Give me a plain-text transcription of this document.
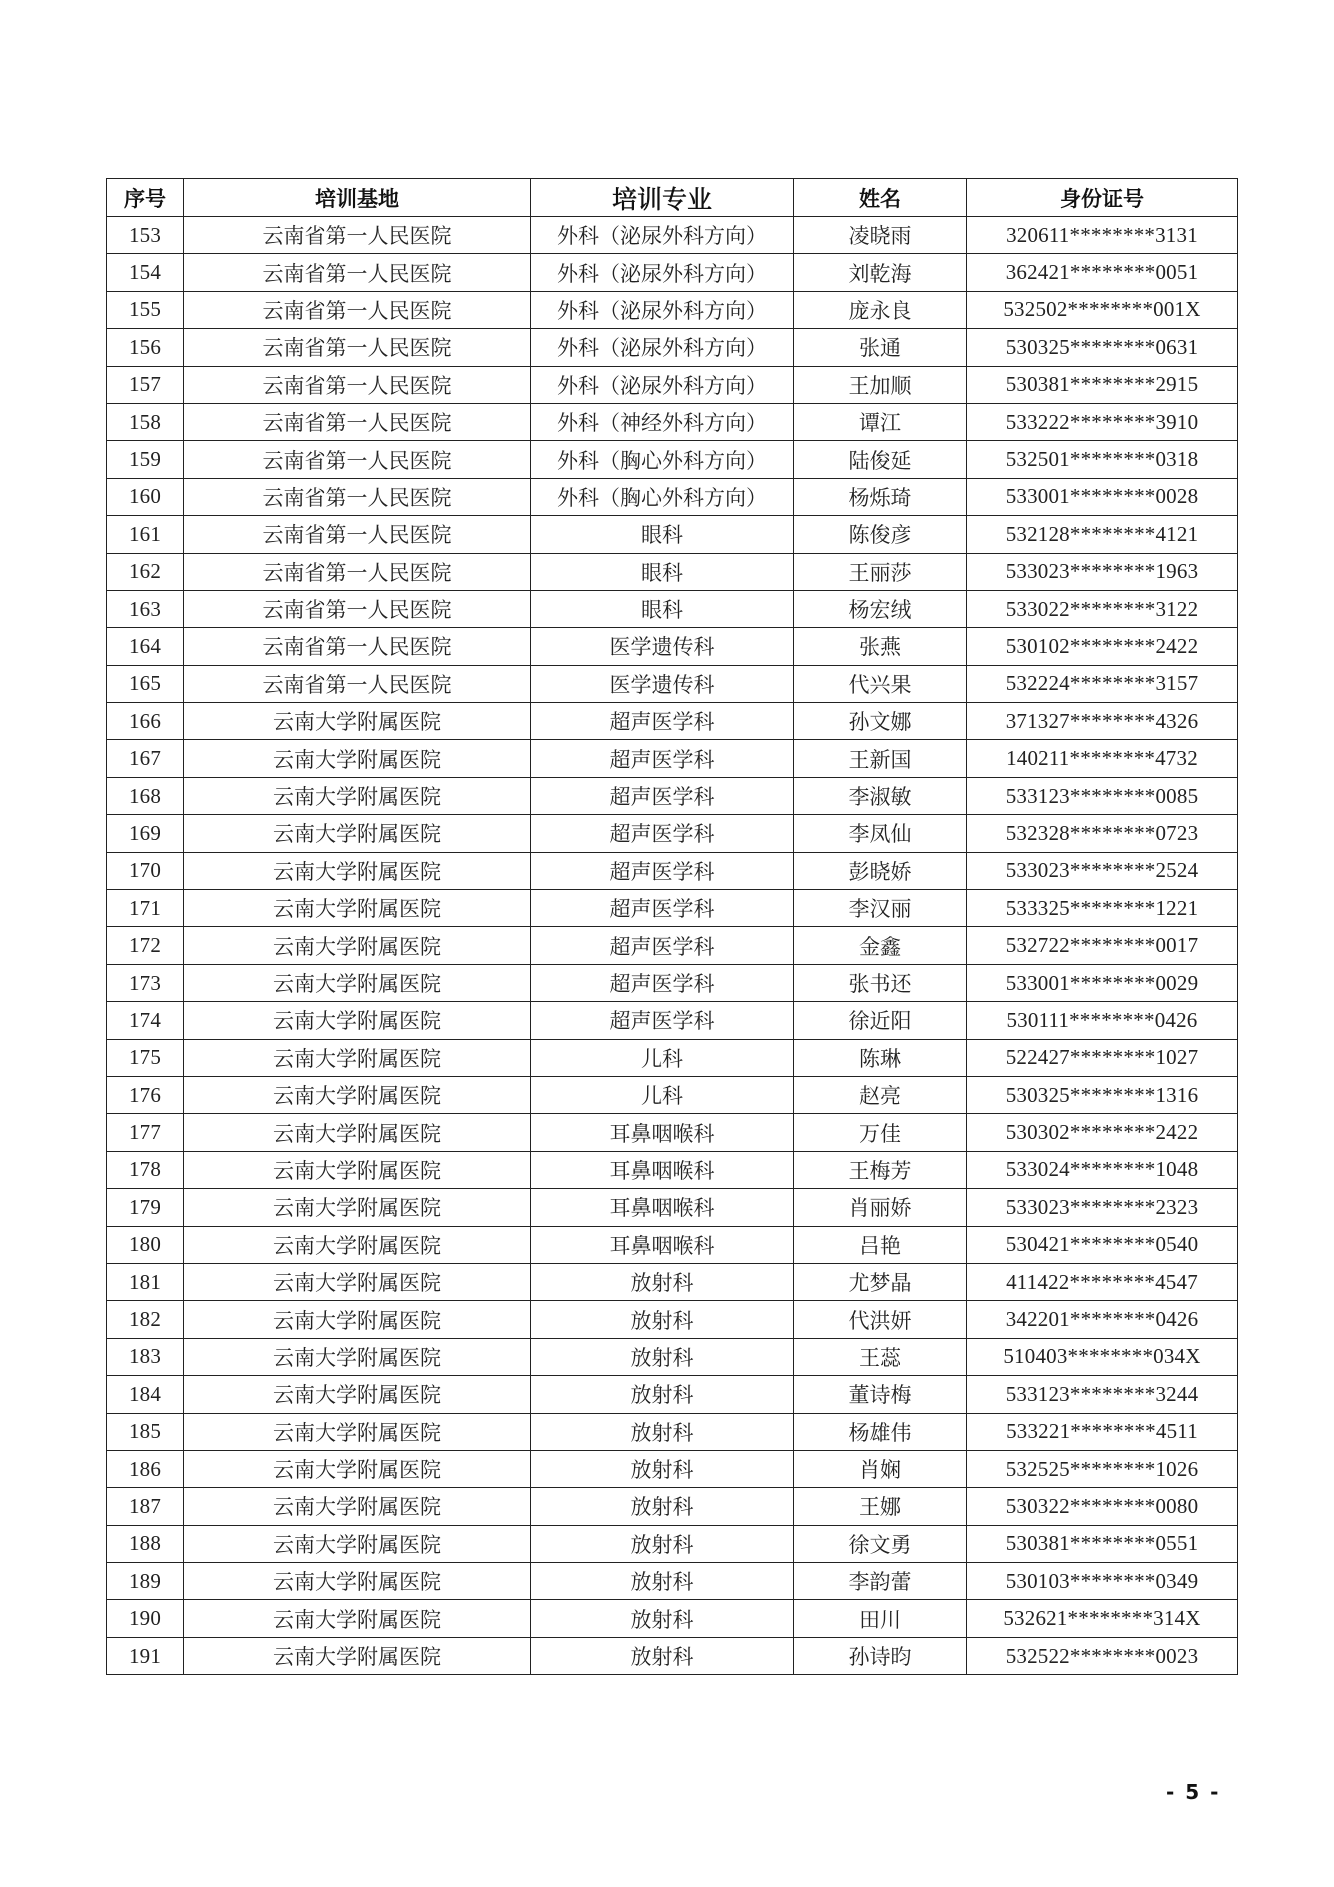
序号	培训基地	培训专业	姓名	身份证号
153	云南省第一人民医院	外科（泌尿外科方向）	凌晓雨	320611********3131
154	云南省第一人民医院	外科（泌尿外科方向）	刘乾海	362421********0051
155	云南省第一人民医院	外科（泌尿外科方向）	庞永良	532502********001X
156	云南省第一人民医院	外科（泌尿外科方向）	张通	530325********0631
157	云南省第一人民医院	外科（泌尿外科方向）	王加顺	530381********2915
158	云南省第一人民医院	外科（神经外科方向）	谭江	533222********3910
159	云南省第一人民医院	外科（胸心外科方向）	陆俊延	532501********0318
160	云南省第一人民医院	外科（胸心外科方向）	杨烁琦	533001********0028
161	云南省第一人民医院	眼科	陈俊彦	532128********4121
162	云南省第一人民医院	眼科	王丽莎	533023********1963
163	云南省第一人民医院	眼科	杨宏绒	533022********3122
164	云南省第一人民医院	医学遗传科	张燕	530102********2422
165	云南省第一人民医院	医学遗传科	代兴果	532224********3157
166	云南大学附属医院	超声医学科	孙文娜	371327********4326
167	云南大学附属医院	超声医学科	王新国	140211********4732
168	云南大学附属医院	超声医学科	李淑敏	533123********0085
169	云南大学附属医院	超声医学科	李凤仙	532328********0723
170	云南大学附属医院	超声医学科	彭晓娇	533023********2524
171	云南大学附属医院	超声医学科	李汉丽	533325********1221
172	云南大学附属医院	超声医学科	金鑫	532722********0017
173	云南大学附属医院	超声医学科	张书还	533001********0029
174	云南大学附属医院	超声医学科	徐近阳	530111********0426
175	云南大学附属医院	儿科	陈琳	522427********1027
176	云南大学附属医院	儿科	赵亮	530325********1316
177	云南大学附属医院	耳鼻咽喉科	万佳	530302********2422
178	云南大学附属医院	耳鼻咽喉科	王梅芳	533024********1048
179	云南大学附属医院	耳鼻咽喉科	肖丽娇	533023********2323
180	云南大学附属医院	耳鼻咽喉科	吕艳	530421********0540
181	云南大学附属医院	放射科	尤梦晶	411422********4547
182	云南大学附属医院	放射科	代洪妍	342201********0426
183	云南大学附属医院	放射科	王蕊	510403********034X
184	云南大学附属医院	放射科	董诗梅	533123********3244
185	云南大学附属医院	放射科	杨雄伟	533221********4511
186	云南大学附属医院	放射科	肖娴	532525********1026
187	云南大学附属医院	放射科	王娜	530322********0080
188	云南大学附属医院	放射科	徐文勇	530381********0551
189	云南大学附属医院	放射科	李韵蕾	530103********0349
190	云南大学附属医院	放射科	田川	532621********314X
191	云南大学附属医院	放射科	孙诗昀	532522********0023
- 5 -
